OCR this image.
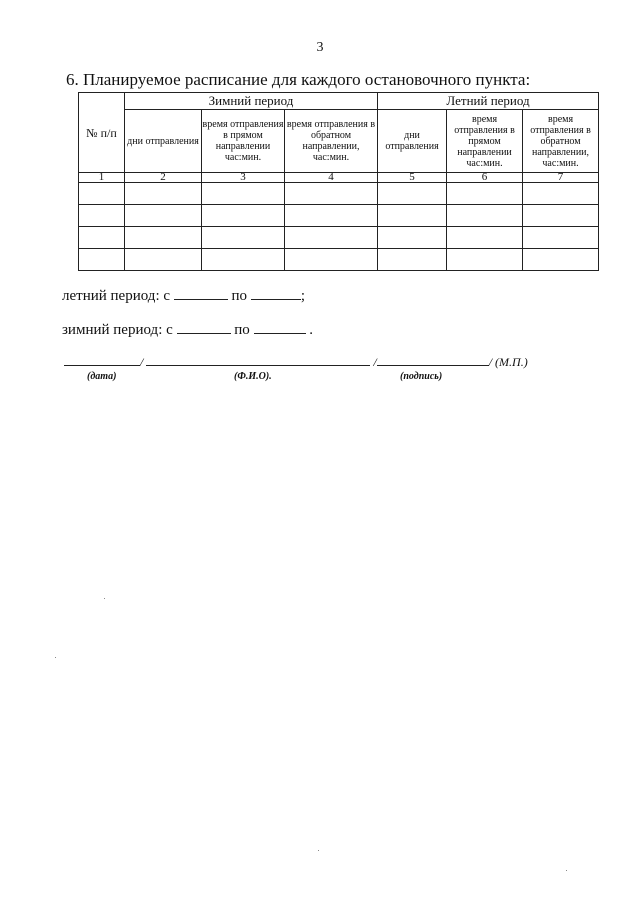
3
6. Планируемое расписание для каждого остановочного пункта:
№ п/п	Зимний период			Летний период		
	дни отправления	время отправления в прямом направлении час:мин.	время отправления в обратном направлении, час:мин.	дни отправления	время отправления в прямом направлении час:мин.	время отправления в обратном направлении, час:мин.
1	2	3	4	5	6	7

летний период: с	по	;
зимний период: с	по	.
/	/	/ (М.П.)
(дата)	(Ф.И.О).	(подпись)
